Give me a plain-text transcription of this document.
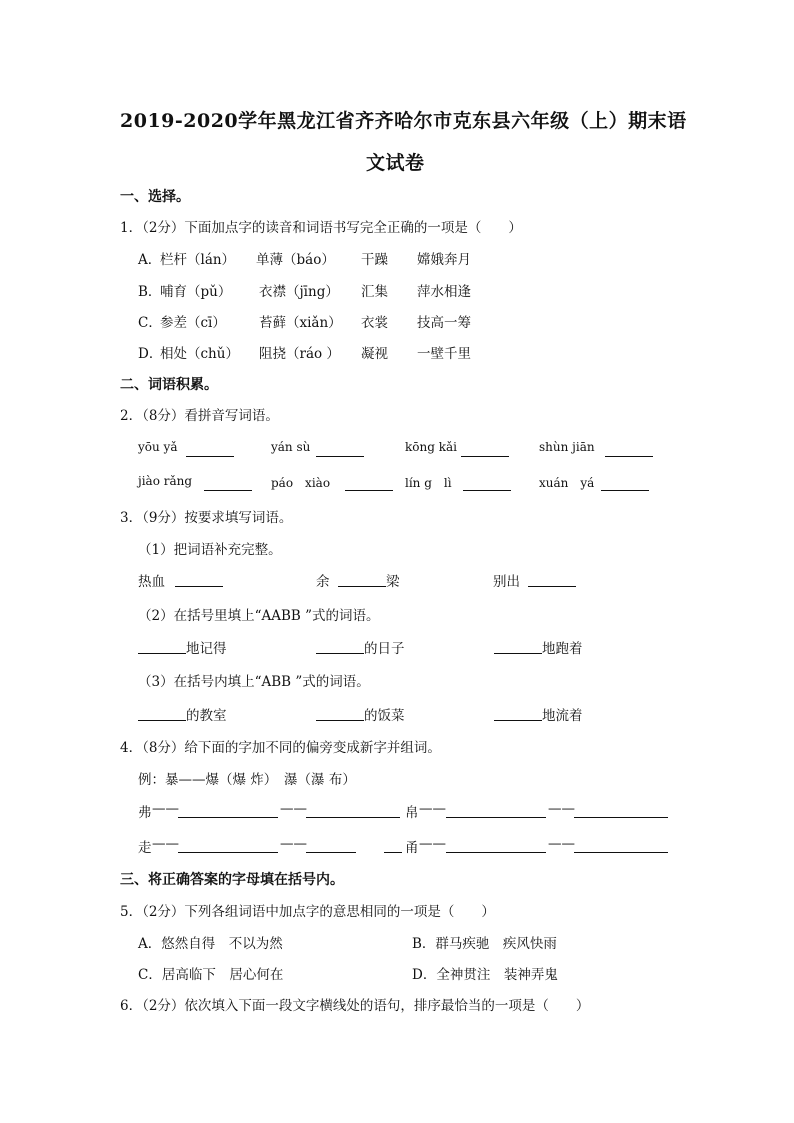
2019-2020学年黑龙江省齐齐哈尔市克东县六年级（上）期末语
文试卷
一、选择。
1．（2分）下面加点字的读音和词语书写完全正确的一项是（　　）
A．
栏杆（lán） 单薄（báo） 干躁 嫦娥奔月
B．
哺育（pǔ） 衣襟（jīng） 汇集 萍水相逢
C．
参差（cī） 苔藓（xiǎn） 衣裳 技高一筹
D．
相处（chǔ） 阻挠（ráo ） 凝视 一壁千里
二、词语积累。
2．（8分）看拼音写词语。
yōu yǎ	yán sù	kōng kǎi	shùn jiān
jiào rǎng	páo　xiào	lín g　lì	xuán　yá
3．（9分）按要求填写词语。
（1）把词语补充完整。
热血	余	梁	别出
（2）在括号里填上“AABB ”式的词语。
地记得	的日子	地跑着
（3）在括号内填上“ABB ”式的词语。
的教室	的饭菜	地流着
4．（8分）给下面的字加不同的偏旁变成新字并组词。
例：暴——爆（爆 炸）　瀑（瀑 布）
弗 ——	——	帛 ——	——
走 ——	——	甬 ——	——
三、将正确答案的字母填在括号内。
5．（2分）下列各组词语中加点字的意思相同的一项是（　　）
A．悠然自得　不以为然	B．群马疾驰　疾风快雨
C．居高临下　居心何在	D．全神贯注　装神弄鬼
6．（2分）依次填入下面一段文字横线处的语句，排序最恰当的一项是（　　）
